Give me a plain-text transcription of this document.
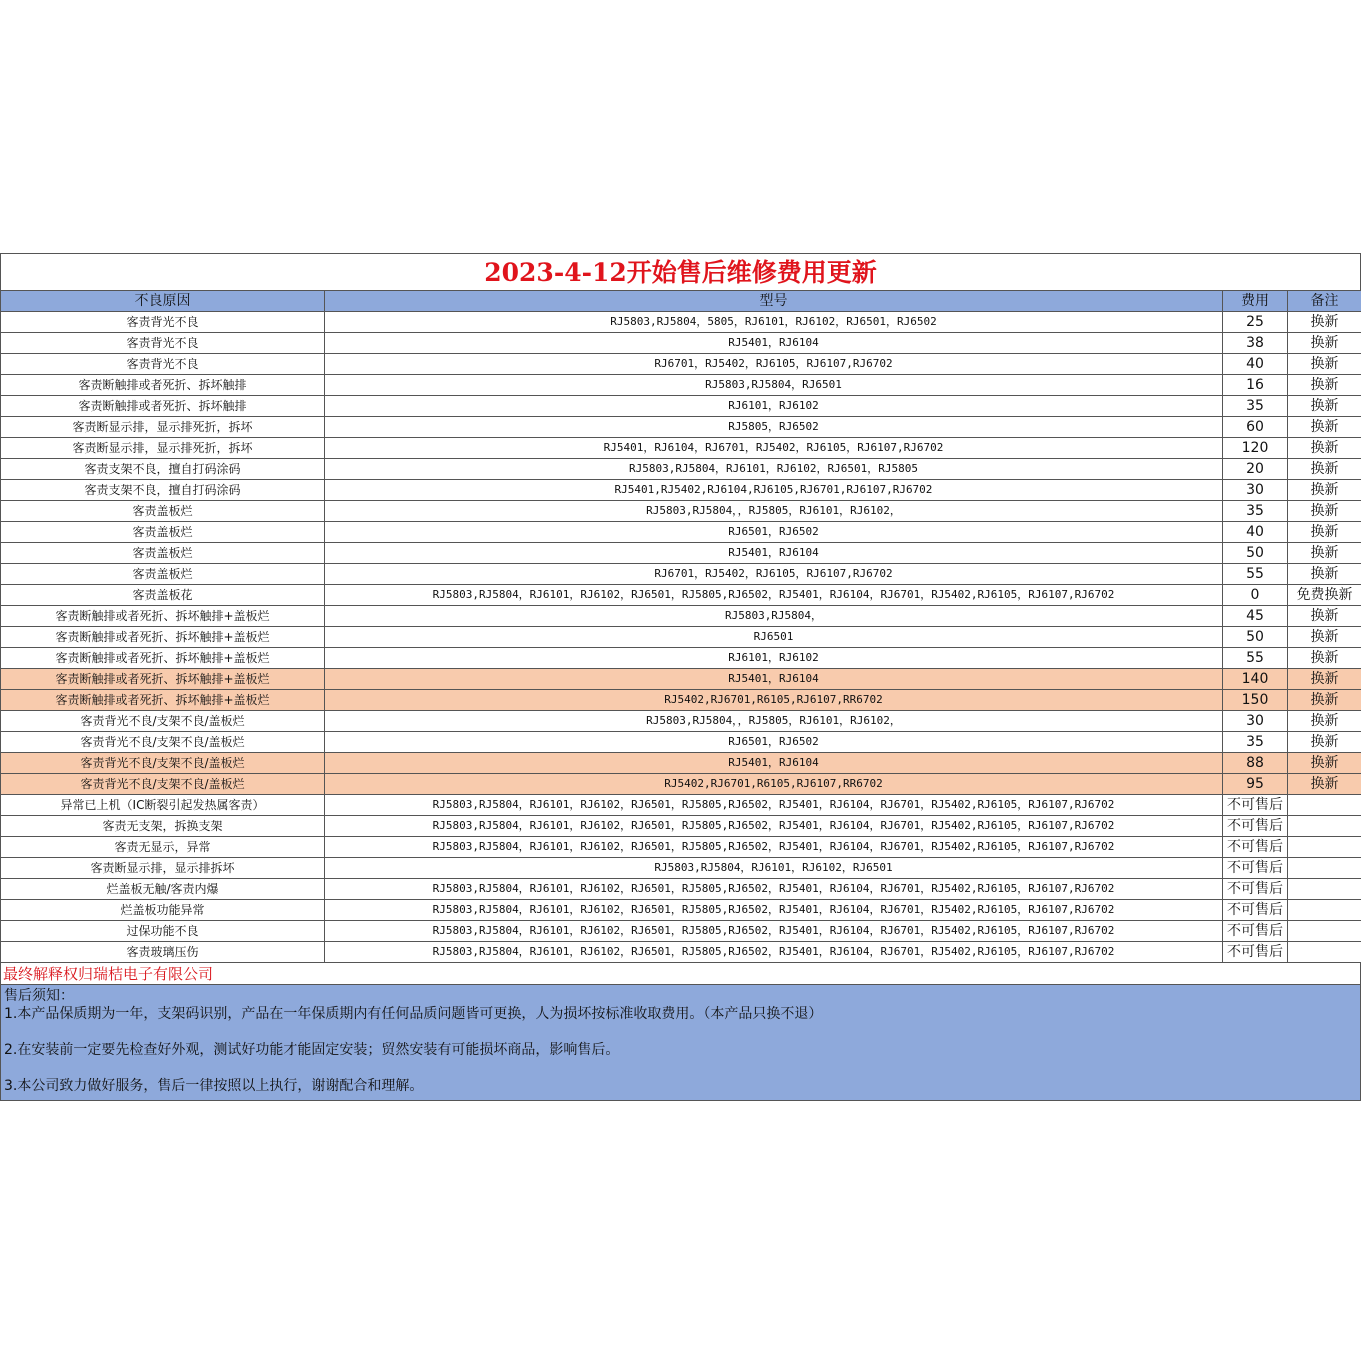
2023-4-12开始售后维修费用更新
不良原因	型号	费用	备注
客责背光不良	RJ5803,RJ5804，5805，RJ6101，RJ6102，RJ6501，RJ6502	25	换新
客责背光不良	RJ5401，RJ6104	38	换新
客责背光不良	RJ6701，RJ5402，RJ6105，RJ6107,RJ6702	40	换新
客责断触排或者死折、拆坏触排	RJ5803,RJ5804，RJ6501	16	换新
客责断触排或者死折、拆坏触排	RJ6101，RJ6102	35	换新
客责断显示排，显示排死折，拆坏	RJ5805，RJ6502	60	换新
客责断显示排，显示排死折，拆坏	RJ5401，RJ6104，RJ6701，RJ5402，RJ6105，RJ6107,RJ6702	120	换新
客责支架不良，擅自打码涂码	RJ5803,RJ5804，RJ6101，RJ6102，RJ6501，RJ5805	20	换新
客责支架不良，擅自打码涂码	RJ5401,RJ5402,RJ6104,RJ6105,RJ6701,RJ6107,RJ6702	30	换新
客责盖板烂	RJ5803,RJ5804，，RJ5805，RJ6101，RJ6102，	35	换新
客责盖板烂	RJ6501，RJ6502	40	换新
客责盖板烂	RJ5401，RJ6104	50	换新
客责盖板烂	RJ6701，RJ5402，RJ6105，RJ6107,RJ6702	55	换新
客责盖板花	RJ5803,RJ5804，RJ6101，RJ6102，RJ6501，RJ5805,RJ6502，RJ5401，RJ6104，RJ6701，RJ5402,RJ6105，RJ6107,RJ6702	0	免费换新
客责断触排或者死折、拆坏触排+盖板烂	RJ5803,RJ5804，	45	换新
客责断触排或者死折、拆坏触排+盖板烂	RJ6501	50	换新
客责断触排或者死折、拆坏触排+盖板烂	RJ6101，RJ6102	55	换新
客责断触排或者死折、拆坏触排+盖板烂	RJ5401，RJ6104	140	换新
客责断触排或者死折、拆坏触排+盖板烂	RJ5402,RJ6701,R6105,RJ6107,RR6702	150	换新
客责背光不良/支架不良/盖板烂	RJ5803,RJ5804，，RJ5805，RJ6101，RJ6102，	30	换新
客责背光不良/支架不良/盖板烂	RJ6501，RJ6502	35	换新
客责背光不良/支架不良/盖板烂	RJ5401，RJ6104	88	换新
客责背光不良/支架不良/盖板烂	RJ5402,RJ6701,R6105,RJ6107,RR6702	95	换新
异常已上机（IC断裂引起发热属客责）	RJ5803,RJ5804，RJ6101，RJ6102，RJ6501，RJ5805,RJ6502，RJ5401，RJ6104，RJ6701，RJ5402,RJ6105，RJ6107,RJ6702	不可售后	
客责无支架，拆换支架	RJ5803,RJ5804，RJ6101，RJ6102，RJ6501，RJ5805,RJ6502，RJ5401，RJ6104，RJ6701，RJ5402,RJ6105，RJ6107,RJ6702	不可售后	
客责无显示，异常	RJ5803,RJ5804，RJ6101，RJ6102，RJ6501，RJ5805,RJ6502，RJ5401，RJ6104，RJ6701，RJ5402,RJ6105，RJ6107,RJ6702	不可售后	
客责断显示排，显示排拆坏	RJ5803,RJ5804，RJ6101，RJ6102，RJ6501	不可售后	
烂盖板无触/客责内爆	RJ5803,RJ5804，RJ6101，RJ6102，RJ6501，RJ5805,RJ6502，RJ5401，RJ6104，RJ6701，RJ5402,RJ6105，RJ6107,RJ6702	不可售后	
烂盖板功能异常	RJ5803,RJ5804，RJ6101，RJ6102，RJ6501，RJ5805,RJ6502，RJ5401，RJ6104，RJ6701，RJ5402,RJ6105，RJ6107,RJ6702	不可售后	
过保功能不良	RJ5803,RJ5804，RJ6101，RJ6102，RJ6501，RJ5805,RJ6502，RJ5401，RJ6104，RJ6701，RJ5402,RJ6105，RJ6107,RJ6702	不可售后	
客责玻璃压伤	RJ5803,RJ5804，RJ6101，RJ6102，RJ6501，RJ5805,RJ6502，RJ5401，RJ6104，RJ6701，RJ5402,RJ6105，RJ6107,RJ6702	不可售后	
最终解释权归瑞桔电子有限公司
售后须知：
1.本产品保质期为一年，支架码识别，产品在一年保质期内有任何品质问题皆可更换，人为损坏按标准收取费用。（本产品只换不退）
2.在安装前一定要先检查好外观，测试好功能才能固定安装；贸然安装有可能损坏商品，影响售后。
3.本公司致力做好服务，售后一律按照以上执行，谢谢配合和理解。
